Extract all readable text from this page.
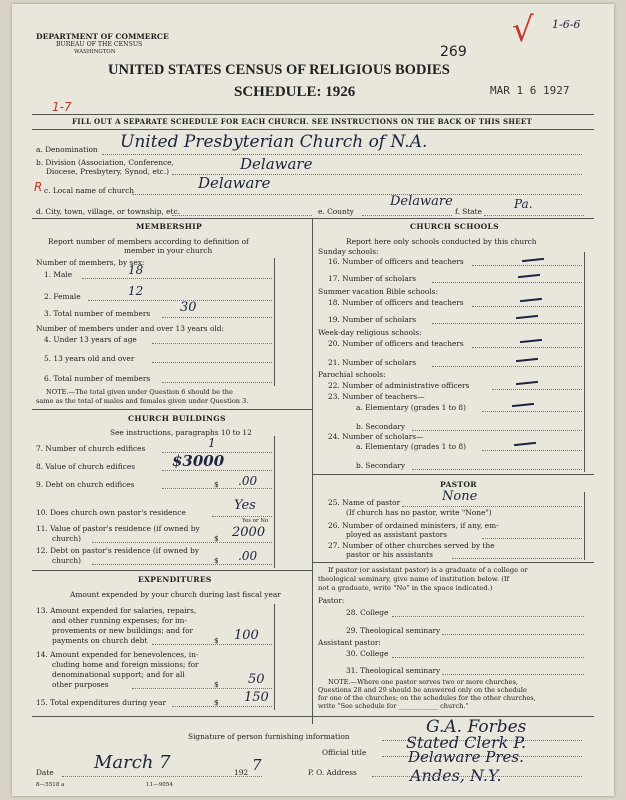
DEPARTMENT OF COMMERCE
BUREAU OF THE CENSUS
WASHINGTON	269
√ 1-6-6
UNITED STATES CENSUS OF RELIGIOUS BODIES
SCHEDULE: 1926	MAR 1 6 1927
1-7
FILL OUT A SEPARATE SCHEDULE FOR EACH CHURCH. SEE INSTRUCTIONS ON THE BACK OF THIS SHEET
a. Denomination United Presbyterian Church of N.A.
b. Division (Association, Conference,
Diocese, Presbytery, Synod, etc.)	Delaware
R c. Local name of church	Delaware
d. City, town, village, or township, etc.	e. County
Delaware
f. State
Pa.
MEMBERSHIP
Report number of members according to definition of
member in your church
Number of members, by sex:
1. Male	18
2. Female	12
3. Total number of members 30
Number of members under and over 13 years old:
4. Under 13 years of age
5. 13 years old and over
6. Total number of members
NOTE.—The total given under Question 6 should be the
same as the total of males and females given under Question 3.
CHURCH BUILDINGS
See instructions, paragraphs 10 to 12
7. Number of church edifices	1
8. Value of church edifices $3000
9. Debt on church edifices	$ .00
10. Does church own pastor's residence	Yes
Yes or No
11. Value of pastor's residence (if owned by
church)	$ 2000
12. Debt on pastor's residence (if owned by
church)	$ .00
EXPENDITURES
Amount expended by your church during last fiscal year
13. Amount expended for salaries, repairs,
and other running expenses; for im-
provements or new buildings; and for
payments on church debt	$ 100
14. Amount expended for benevolences, in-
cluding home and foreign missions; for
denominational support; and for all
other purposes	$ 50
15. Total expenditures during year	$ 150
CHURCH SCHOOLS
Report here only schools conducted by this church
Sunday schools:
16. Number of officers and teachers
17. Number of scholars
Summer vacation Bible schools:
18. Number of officers and teachers
19. Number of scholars
Week-day religious schools:
20. Number of officers and teachers
21. Number of scholars
Parochial schools:
22. Number of administrative officers
23. Number of teachers—
a. Elementary (grades 1 to 8)
b. Secondary
24. Number of scholars—
a. Elementary (grades 1 to 8)
b. Secondary
PASTOR
25. Name of pastor	None
(If church has no pastor, write "None")
26. Number of ordained ministers, if any, em-
ployed as assistant pastors
27. Number of other churches served by the
pastor or his assistants
If pastor (or assistant pastor) is a graduate of a college or
theological seminary, give name of institution below. (If
not a graduate, write "No" in the space indicated.)
Pastor:
28. College
29. Theological seminary
Assistant pastor:
30. College
31. Theological seminary
NOTE.—Where one pastor serves two or more churches,
Questions 28 and 29 should be answered only on the schedule
for one of the churches; on the schedules for the other churches,
write "See schedule for ____________ church."
Signature of person furnishing information	G.A. Forbes
Official title
Stated Clerk P.
Date March 7	192 7	P. O. Address
Delaware Pres.
Andes, N.Y.
8—5518 a	11—9054
